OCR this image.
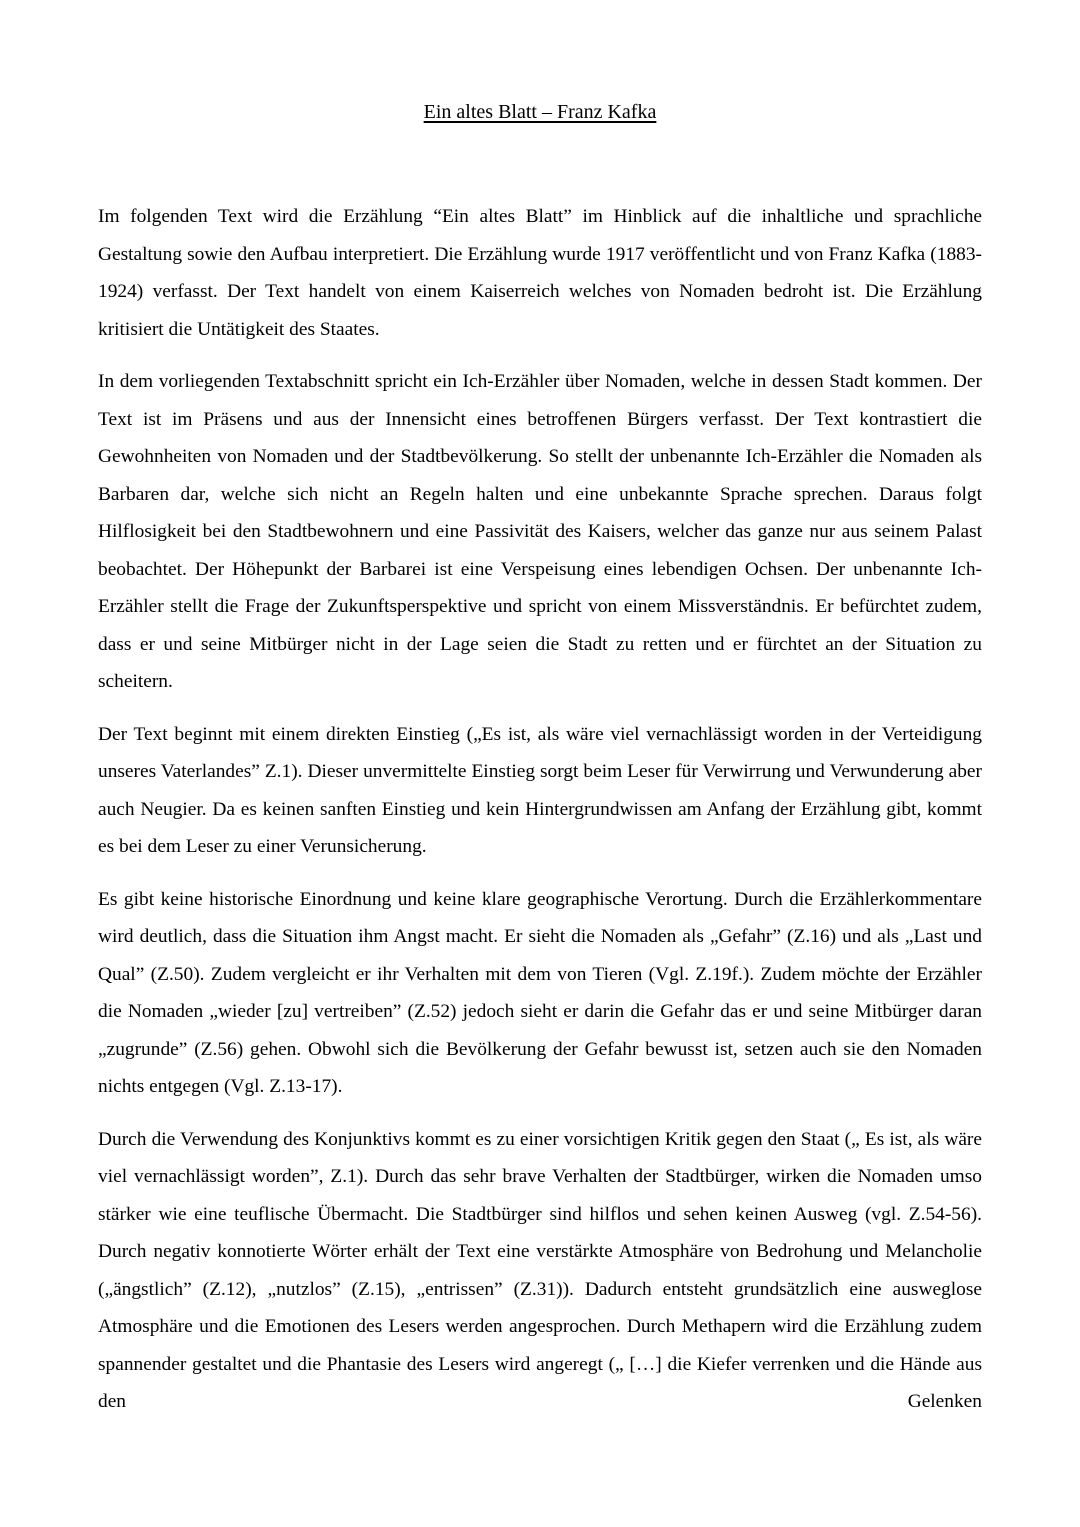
Ein altes Blatt – Franz Kafka

Im folgenden Text wird die Erzählung “Ein altes Blatt” im Hinblick auf die inhaltliche und sprachliche Gestaltung sowie den Aufbau interpretiert. Die Erzählung wurde 1917 veröffentlicht und von Franz Kafka (1883-1924) verfasst. Der Text handelt von einem Kaiserreich welches von Nomaden bedroht ist. Die Erzählung kritisiert die Untätigkeit des Staates.

In dem vorliegenden Textabschnitt spricht ein Ich-Erzähler über Nomaden, welche in dessen Stadt kommen. Der Text ist im Präsens und aus der Innensicht eines betroffenen Bürgers verfasst. Der Text kontrastiert die Gewohnheiten von Nomaden und der Stadtbevölkerung. So stellt der unbenannte Ich-Erzähler die Nomaden als Barbaren dar, welche sich nicht an Regeln halten und eine unbekannte Sprache sprechen. Daraus folgt Hilflosigkeit bei den Stadtbewohnern und eine Passivität des Kaisers, welcher das ganze nur aus seinem Palast beobachtet. Der Höhepunkt der Barbarei ist eine Verspeisung eines lebendigen Ochsen. Der unbenannte Ich-Erzähler stellt die Frage der Zukunftsperspektive und spricht von einem Missverständnis. Er befürchtet zudem, dass er und seine Mitbürger nicht in der Lage seien die Stadt zu retten und er fürchtet an der Situation zu scheitern.

Der Text beginnt mit einem direkten Einstieg („Es ist, als wäre viel vernachlässigt worden in der Verteidigung unseres Vaterlandes” Z.1). Dieser unvermittelte Einstieg sorgt beim Leser für Verwirrung und Verwunderung aber auch Neugier. Da es keinen sanften Einstieg und kein Hintergrundwissen am Anfang der Erzählung gibt, kommt es bei dem Leser zu einer Verunsicherung.

Es gibt keine historische Einordnung und keine klare geographische Verortung. Durch die Erzählerkommentare wird deutlich, dass die Situation ihm Angst macht. Er sieht die Nomaden als „Gefahr” (Z.16) und als „Last und Qual” (Z.50). Zudem vergleicht er ihr Verhalten mit dem von Tieren (Vgl. Z.19f.). Zudem möchte der Erzähler die Nomaden „wieder [zu] vertreiben” (Z.52) jedoch sieht er darin die Gefahr das er und seine Mitbürger daran „zugrunde” (Z.56) gehen. Obwohl sich die Bevölkerung der Gefahr bewusst ist, setzen auch sie den Nomaden nichts entgegen (Vgl. Z.13-17).

Durch die Verwendung des Konjunktivs kommt es zu einer vorsichtigen Kritik gegen den Staat („ Es ist, als wäre viel vernachlässigt worden”, Z.1). Durch das sehr brave Verhalten der Stadtbürger, wirken die Nomaden umso stärker wie eine teuflische Übermacht. Die Stadtbürger sind hilflos und sehen keinen Ausweg (vgl. Z.54-56). Durch negativ konnotierte Wörter erhält der Text eine verstärkte Atmosphäre von Bedrohung und Melancholie („ängstlich” (Z.12), „nutzlos” (Z.15), „entrissen” (Z.31)). Dadurch entsteht grundsätzlich eine ausweglose Atmosphäre und die Emotionen des Lesers werden angesprochen. Durch Methapern wird die Erzählung zudem spannender gestaltet und die Phantasie des Lesers wird angeregt („ […] die Kiefer verrenken und die Hände aus den Gelenken
